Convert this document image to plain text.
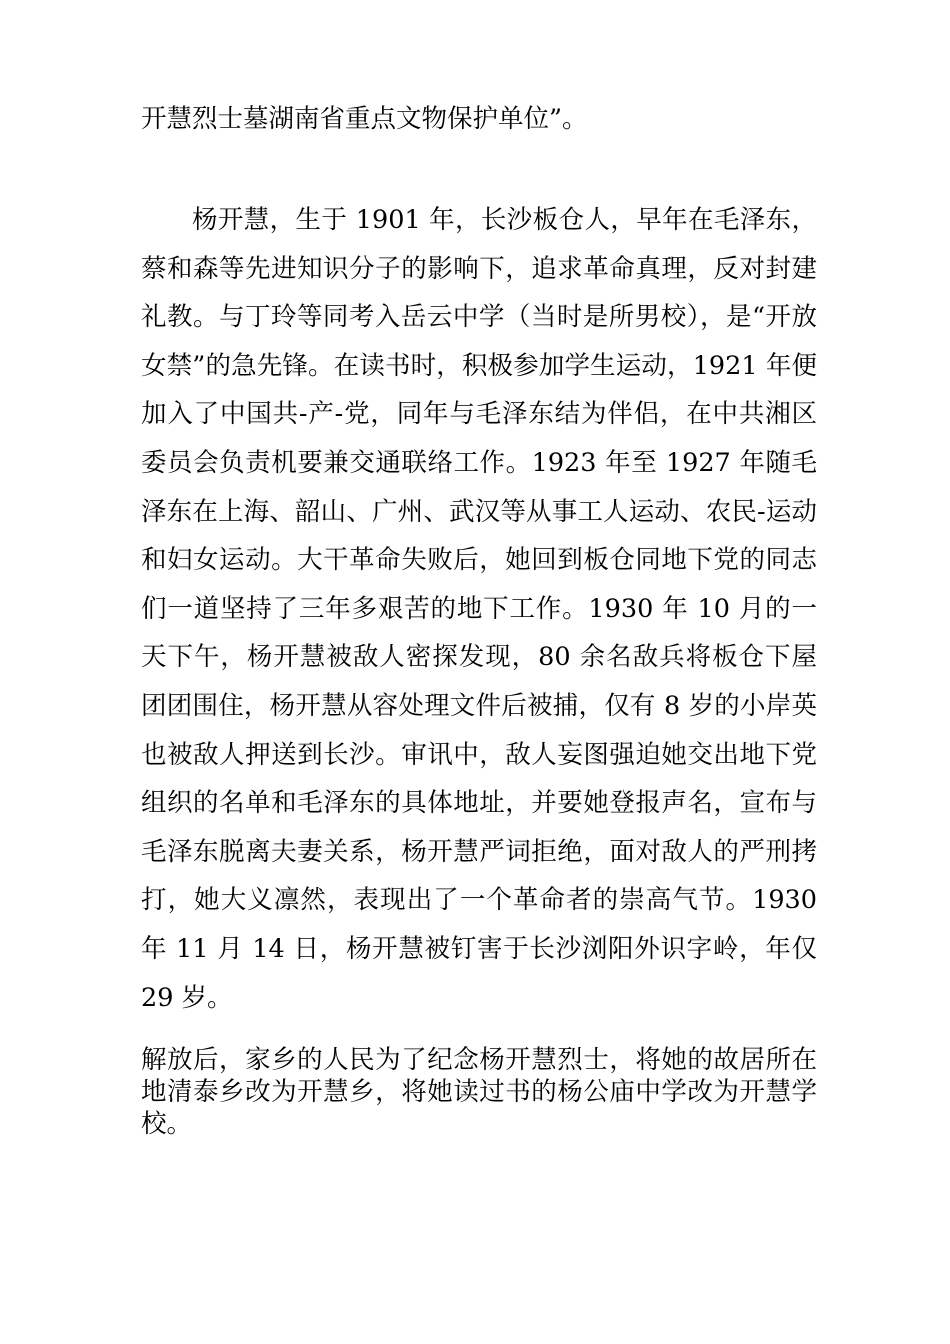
开慧烈士墓湖南省重点文物保护单位”。

杨开慧，生于 1901 年，长沙板仓人，早年在毛泽东，蔡和森等先进知识分子的影响下，追求革命真理，反对封建礼教。与丁玲等同考入岳云中学（当时是所男校），是“开放女禁”的急先锋。在读书时，积极参加学生运动，1921 年便加入了中国共-产-党，同年与毛泽东结为伴侣，在中共湘区委员会负责机要兼交通联络工作。1923 年至 1927 年随毛泽东在上海、韶山、广州、武汉等从事工人运动、农民-运动和妇女运动。大干革命失败后，她回到板仓同地下党的同志们一道坚持了三年多艰苦的地下工作。1930 年 10 月的一天下午，杨开慧被敌人密探发现，80 余名敌兵将板仓下屋团团围住，杨开慧从容处理文件后被捕，仅有 8 岁的小岸英也被敌人押送到长沙。审讯中，敌人妄图强迫她交出地下党组织的名单和毛泽东的具体地址，并要她登报声名，宣布与毛泽东脱离夫妻关系，杨开慧严词拒绝，面对敌人的严刑拷打，她大义凛然，表现出了一个革命者的崇高气节。1930 年 11 月 14 日，杨开慧被钉害于长沙浏阳外识字岭，年仅 29 岁。

解放后，家乡的人民为了纪念杨开慧烈士，将她的故居所在地清泰乡改为开慧乡，将她读过书的杨公庙中学改为开慧学校。
